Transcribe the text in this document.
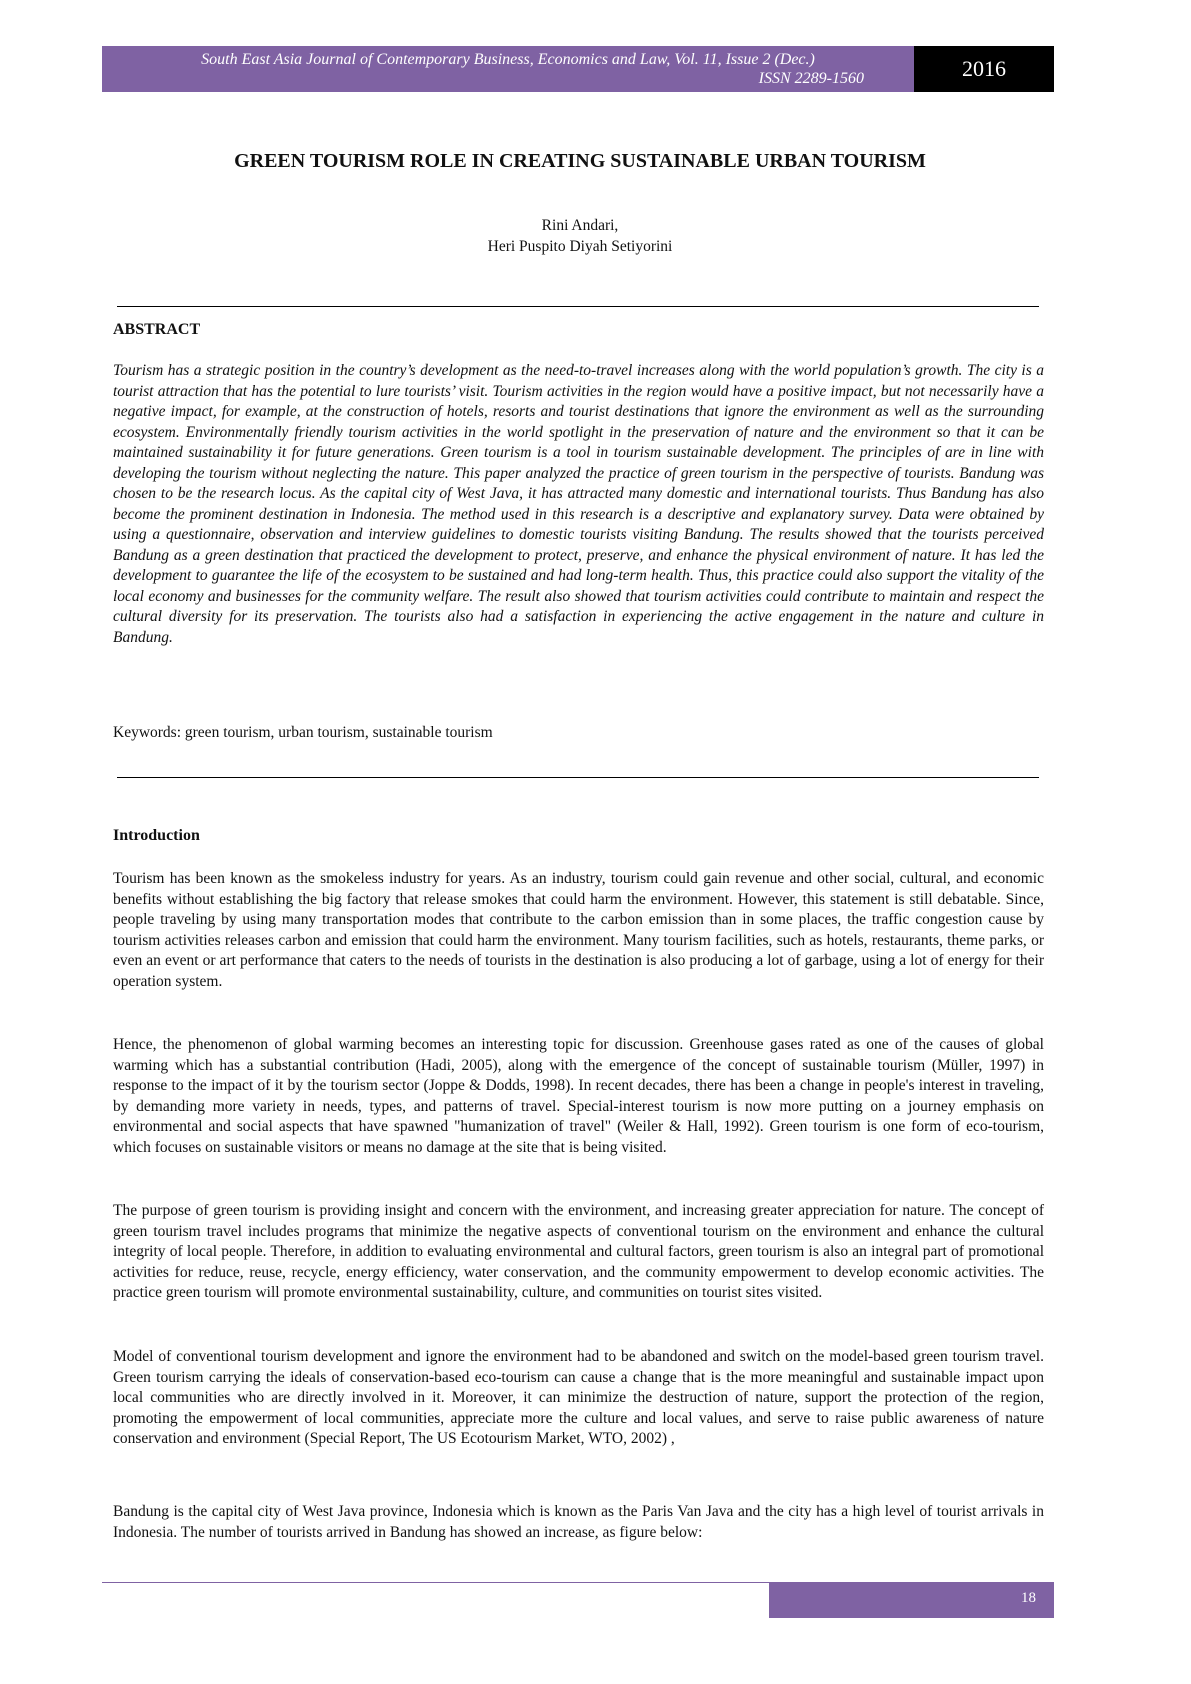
South East Asia Journal of Contemporary Business, Economics and Law, Vol. 11, Issue 2 (Dec.)
ISSN 2289-1560	2016
GREEN TOURISM ROLE IN CREATING SUSTAINABLE URBAN TOURISM
Rini Andari,
Heri Puspito Diyah Setiyorini
ABSTRACT

Tourism has a strategic position in the country’s development as the need-to-travel increases along with the world population’s growth. The city is a tourist attraction that has the potential to lure tourists’ visit. Tourism activities in the region would have a positive impact, but not necessarily have a negative impact, for example, at the construction of hotels, resorts and tourist destinations that ignore the environment as well as the surrounding ecosystem. Environmentally friendly tourism activities in the world spotlight in the preservation of nature and the environment so that it can be maintained sustainability it for future generations. Green tourism is a tool in tourism sustainable development. The principles of are in line with developing the tourism without neglecting the nature. This paper analyzed the practice of green tourism in the perspective of tourists. Bandung was chosen to be the research locus. As the capital city of West Java, it has attracted many domestic and international tourists. Thus Bandung has also become the prominent destination in Indonesia. The method used in this research is a descriptive and explanatory survey. Data were obtained by using a questionnaire, observation and interview guidelines to domestic tourists visiting Bandung. The results showed that the tourists perceived Bandung as a green destination that practiced the development to protect, preserve, and enhance the physical environment of nature. It has led the development to guarantee the life of the ecosystem to be sustained and had long-term health. Thus, this practice could also support the vitality of the local economy and businesses for the community welfare. The result also showed that tourism activities could contribute to maintain and respect the cultural diversity for its preservation. The tourists also had a satisfaction in experiencing the active engagement in the nature and culture in Bandung.

Keywords: green tourism, urban tourism, sustainable tourism

Introduction

Tourism has been known as the smokeless industry for years. As an industry, tourism could gain revenue and other social, cultural, and economic benefits without establishing the big factory that release smokes that could harm the environment. However, this statement is still debatable. Since, people traveling by using many transportation modes that contribute to the carbon emission than in some places, the traffic congestion cause by tourism activities releases carbon and emission that could harm the environment. Many tourism facilities, such as hotels, restaurants, theme parks, or even an event or art performance that caters to the needs of tourists in the destination is also producing a lot of garbage, using a lot of energy for their operation system.

Hence, the phenomenon of global warming becomes an interesting topic for discussion. Greenhouse gases rated as one of the causes of global warming which has a substantial contribution (Hadi, 2005), along with the emergence of the concept of sustainable tourism (Müller, 1997) in response to the impact of it by the tourism sector (Joppe & Dodds, 1998). In recent decades, there has been a change in people's interest in traveling, by demanding more variety in needs, types, and patterns of travel. Special-interest tourism is now more putting on a journey emphasis on environmental and social aspects that have spawned "humanization of travel" (Weiler & Hall, 1992). Green tourism is one form of eco-tourism, which focuses on sustainable visitors or means no damage at the site that is being visited.

The purpose of green tourism is providing insight and concern with the environment, and increasing greater appreciation for nature. The concept of green tourism travel includes programs that minimize the negative aspects of conventional tourism on the environment and enhance the cultural integrity of local people. Therefore, in addition to evaluating environmental and cultural factors, green tourism is also an integral part of promotional activities for reduce, reuse, recycle, energy efficiency, water conservation, and the community empowerment to develop economic activities. The practice green tourism will promote environmental sustainability, culture, and communities on tourist sites visited.

Model of conventional tourism development and ignore the environment had to be abandoned and switch on the model-based green tourism travel. Green tourism carrying the ideals of conservation-based eco-tourism can cause a change that is the more meaningful and sustainable impact upon local communities who are directly involved in it. Moreover, it can minimize the destruction of nature, support the protection of the region, promoting the empowerment of local communities, appreciate more the culture and local values, and serve to raise public awareness of nature conservation and environment (Special Report, The US Ecotourism Market, WTO, 2002) ,

Bandung is the capital city of West Java province, Indonesia which is known as the Paris Van Java and the city has a high level of tourist arrivals in Indonesia. The number of tourists arrived in Bandung has showed an increase, as figure below:

18
